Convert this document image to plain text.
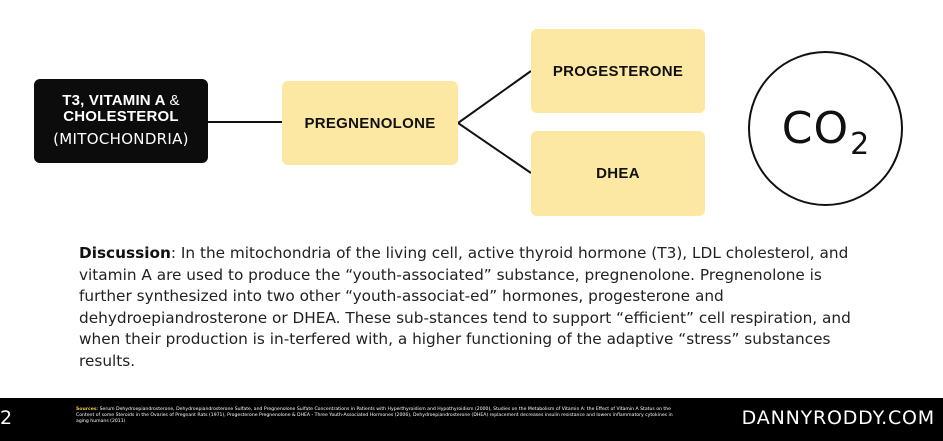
T3, VITAMIN A &
CHOLESTEROL
(MITOCHONDRIA)
PREGNENOLONE
PROGESTERONE
DHEA
CO 2

Discussion: In the mitochondria of the living cell, active thyroid hormone (T3), LDL cholesterol, and vitamin A are used to produce the “youth-associated” substance, pregnenolone. Pregnenolone is further synthesized into two other “youth-associat-ed” hormones, progesterone and dehydroepiandrosterone or DHEA. These sub-stances tend to support “efficient” cell respiration, and when their production is in-terfered with, a higher functioning of the adaptive “stress” substances results.

2	Sources: Serum Dehydroepiandrosterone, Dehydroepiandrosterone Sulfate, and Pregnenolone Sulfate Concentrations in Patients with Hyperthyroidism and Hypothyroidism (2000), Studies on the Metabolism of Vitamin A: the Effect of Vitamin A Status on the Content of some Steroids in the Ovaries of Pregnant Rats (1971), Progesterone Pregnenolone & DHEA - Three Youth-Associated Hormones (2006), Dehydroepiandrosterone (DHEA) replacement decreases insulin resistance and lowers inflammatory cytokines in aging humans (2011)	DANNYRODDY.COM
